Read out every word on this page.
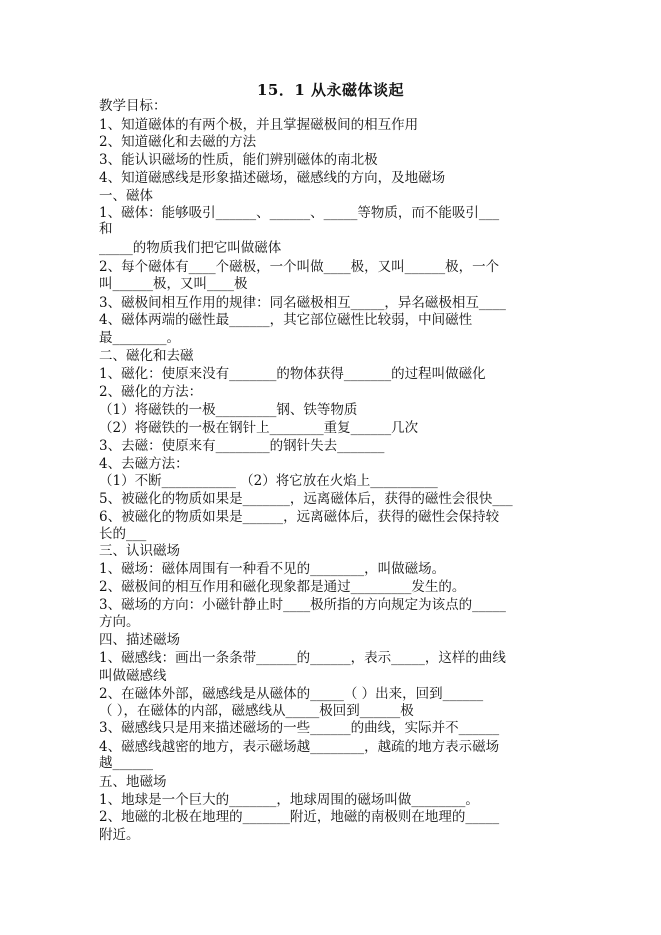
15．1 从永磁体谈起
教学目标：
1、知道磁体的有两个极，并且掌握磁极间的相互作用
2、知道磁化和去磁的方法
3、能认识磁场的性质，能们辨别磁体的南北极
4、知道磁感线是形象描述磁场，磁感线的方向，及地磁场
一、磁体
1、磁体：能够吸引______、______、_____等物质，而不能吸引___
和
_____的物质我们把它叫做磁体
2、每个磁体有____个磁极，一个叫做____极，又叫______极，一个
叫______极，又叫____极
3、磁极间相互作用的规律：同名磁极相互_____，异名磁极相互____
4、磁体两端的磁性最______，其它部位磁性比较弱，中间磁性
最________。
二、磁化和去磁
1、磁化：使原来没有_______的物体获得_______的过程叫做磁化
2、磁化的方法：
（1）将磁铁的一极_________钢、铁等物质
（2）将磁铁的一极在钢针上________重复______几次
3、去磁：使原来有________的钢针失去_______
4、去磁方法：
（1）不断___________ （2）将它放在火焰上__________
5、被磁化的物质如果是_______，远离磁体后，获得的磁性会很快___
6、被磁化的物质如果是______，远离磁体后，获得的磁性会保持较
长的___
三、认识磁场
1、磁场：磁体周围有一种看不见的________，叫做磁场。
2、磁极间的相互作用和磁化现象都是通过_________发生的。
3、磁场的方向：小磁针静止时____极所指的方向规定为该点的_____
方向。
四、描述磁场
1、磁感线：画出一条条带______的______，表示_____，这样的曲线
叫做磁感线
2、在磁体外部，磁感线是从磁体的_____（ ）出来，回到______
（ ），在磁体的内部，磁感线从_____极回到______极
3、磁感线只是用来描述磁场的一些______的曲线，实际并不______
4、磁感线越密的地方，表示磁场越________，越疏的地方表示磁场
越______
五、地磁场
1、地球是一个巨大的_______，地球周围的磁场叫做________。
2、地磁的北极在地理的_______附近，地磁的南极则在地理的_____
附近。
